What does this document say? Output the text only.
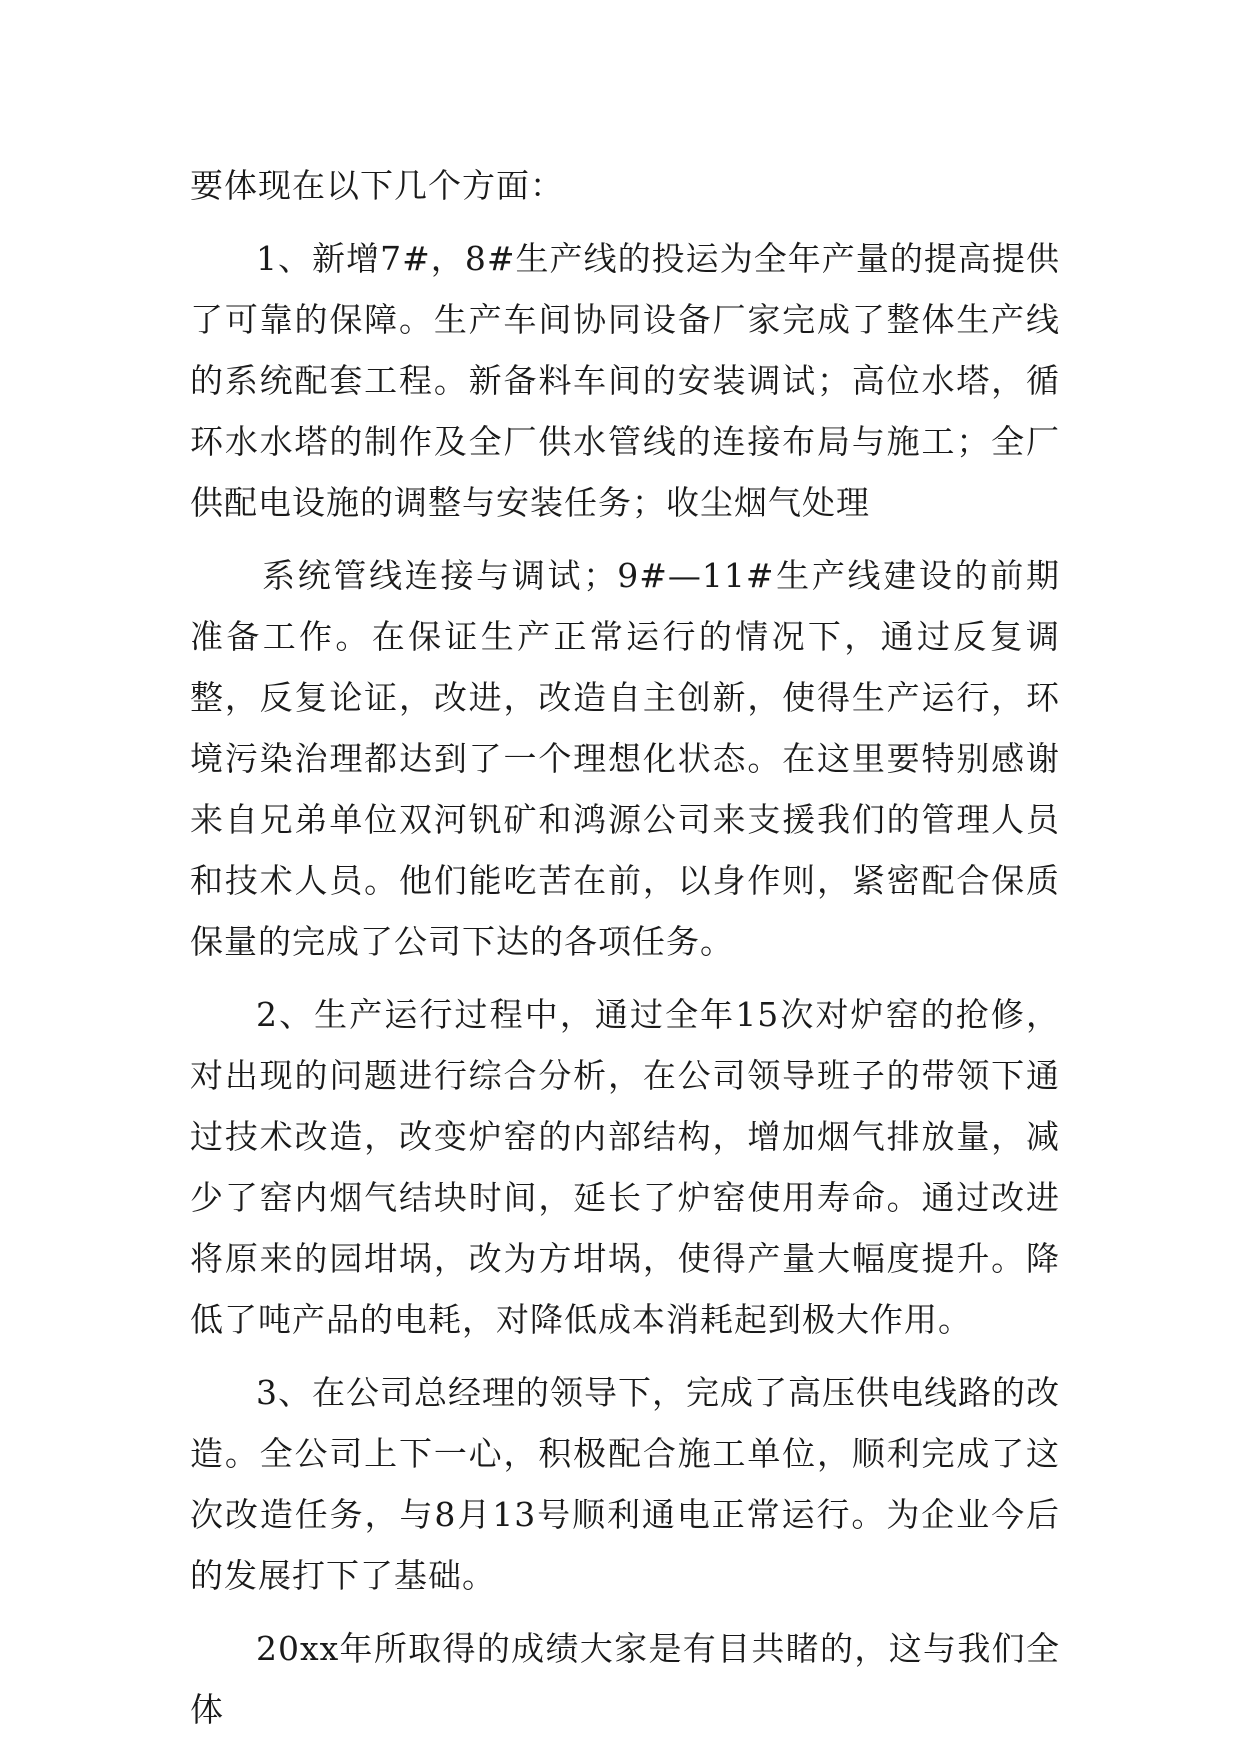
要体现在以下几个方面：

1、新增7#，8#生产线的投运为全年产量的提高提供了可靠的保障。生产车间协同设备厂家完成了整体生产线的系统配套工程。新备料车间的安装调试；高位水塔，循环水水塔的制作及全厂供水管线的连接布局与施工；全厂供配电设施的调整与安装任务；收尘烟气处理

系统管线连接与调试；9#—11#生产线建设的前期准备工作。在保证生产正常运行的情况下，通过反复调整，反复论证，改进，改造自主创新，使得生产运行，环境污染治理都达到了一个理想化状态。在这里要特别感谢来自兄弟单位双河钒矿和鸿源公司来支援我们的管理人员和技术人员。他们能吃苦在前，以身作则，紧密配合保质保量的完成了公司下达的各项任务。

2、生产运行过程中，通过全年15次对炉窑的抢修，对出现的问题进行综合分析，在公司领导班子的带领下通过技术改造，改变炉窑的内部结构，增加烟气排放量，减少了窑内烟气结块时间，延长了炉窑使用寿命。通过改进将原来的园坩埚，改为方坩埚，使得产量大幅度提升。降低了吨产品的电耗，对降低成本消耗起到极大作用。

3、在公司总经理的领导下，完成了高压供电线路的改造。全公司上下一心，积极配合施工单位，顺利完成了这次改造任务，与8月13号顺利通电正常运行。为企业今后的发展打下了基础。

20xx年所取得的成绩大家是有目共睹的，这与我们全体
